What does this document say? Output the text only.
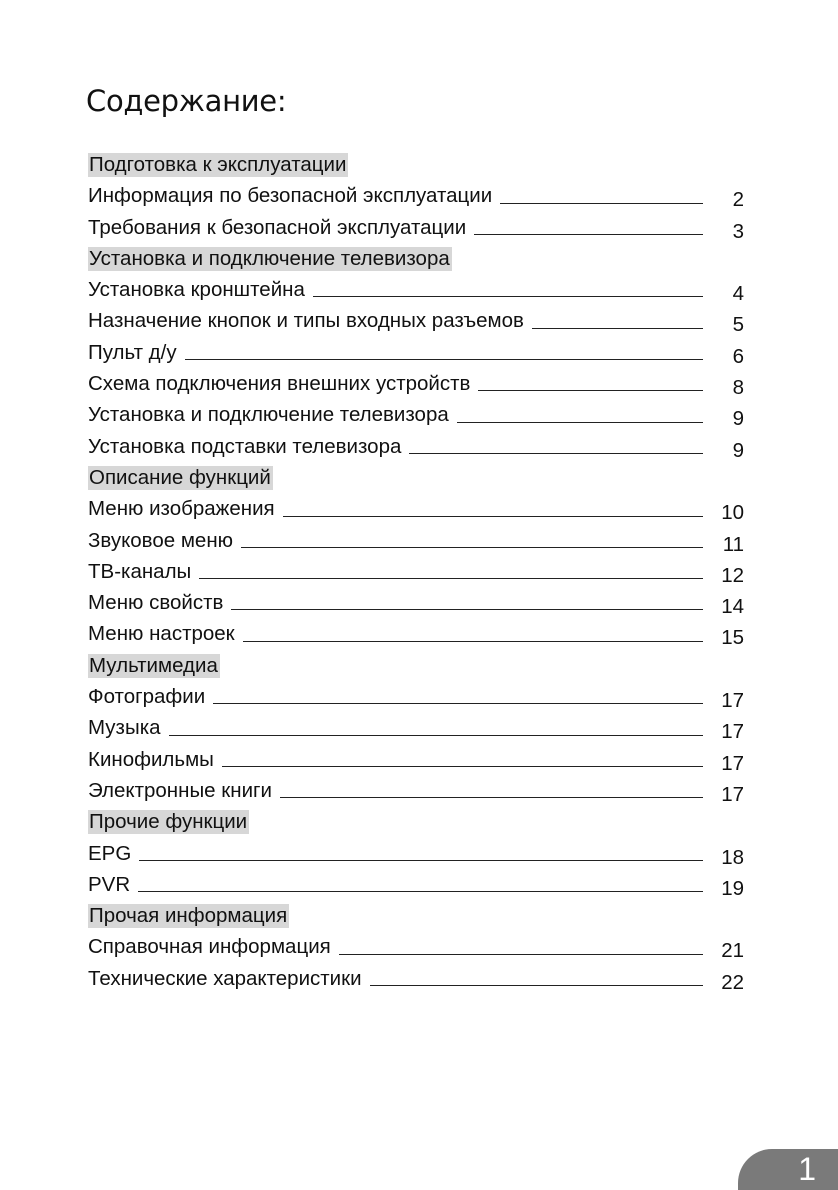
Содержание:
Подготовка к эксплуатации
Информация по безопасной эксплуатации	2
Требования к безопасной эксплуатации	3
Установка и подключение телевизора
Установка кронштейна	4
Назначение кнопок и типы входных разъемов	5
Пульт д/у	6
Схема подключения внешних устройств	8
Установка и подключение телевизора	9
Установка подставки телевизора	9
Описание функций
Меню изображения	10
Звуковое меню	11
ТВ-каналы	12
Меню свойств	14
Меню настроек	15
Мультимедиа
Фотографии	17
Музыка	17
Кинофильмы	17
Электронные книги	17
Прочие функции
EPG	18
PVR	19
Прочая информация
Справочная информация	21
Технические характеристики	22
1
